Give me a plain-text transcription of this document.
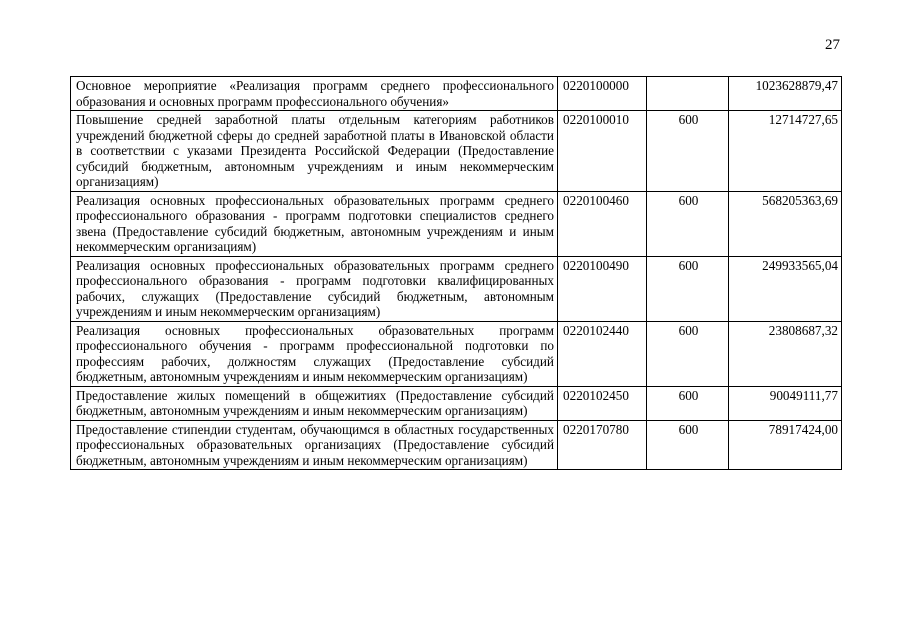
27
Основное мероприятие «Реализация программ среднего профессионального образования и основных программ профессионального обучения»	0220100000		1023628879,47
Повышение средней заработной платы отдельным категориям работников учреждений бюджетной сферы до средней заработной платы в Ивановской области в соответствии с указами Президента Российской Федерации (Предоставление субсидий бюджетным, автономным учреждениям и иным некоммерческим организациям)	0220100010	600	12714727,65
Реализация основных профессиональных образовательных программ среднего профессионального образования - программ подготовки специалистов среднего звена (Предоставление субсидий бюджетным, автономным учреждениям и иным некоммерческим организациям)	0220100460	600	568205363,69
Реализация основных профессиональных образовательных программ среднего профессионального образования - программ подготовки квалифицированных рабочих, служащих (Предоставление субсидий бюджетным, автономным учреждениям и иным некоммерческим организациям)	0220100490	600	249933565,04
Реализация основных профессиональных образовательных программ профессионального обучения - программ профессиональной подготовки по профессиям рабочих, должностям служащих (Предоставление субсидий бюджетным, автономным учреждениям и иным некоммерческим организациям)	0220102440	600	23808687,32
Предоставление жилых помещений в общежитиях (Предоставление субсидий бюджетным, автономным учреждениям и иным некоммерческим организациям)	0220102450	600	90049111,77
Предоставление стипендии студентам, обучающимся в областных государственных профессиональных образовательных организациях (Предоставление субсидий бюджетным, автономным учреждениям и иным некоммерческим организациям)	0220170780	600	78917424,00
